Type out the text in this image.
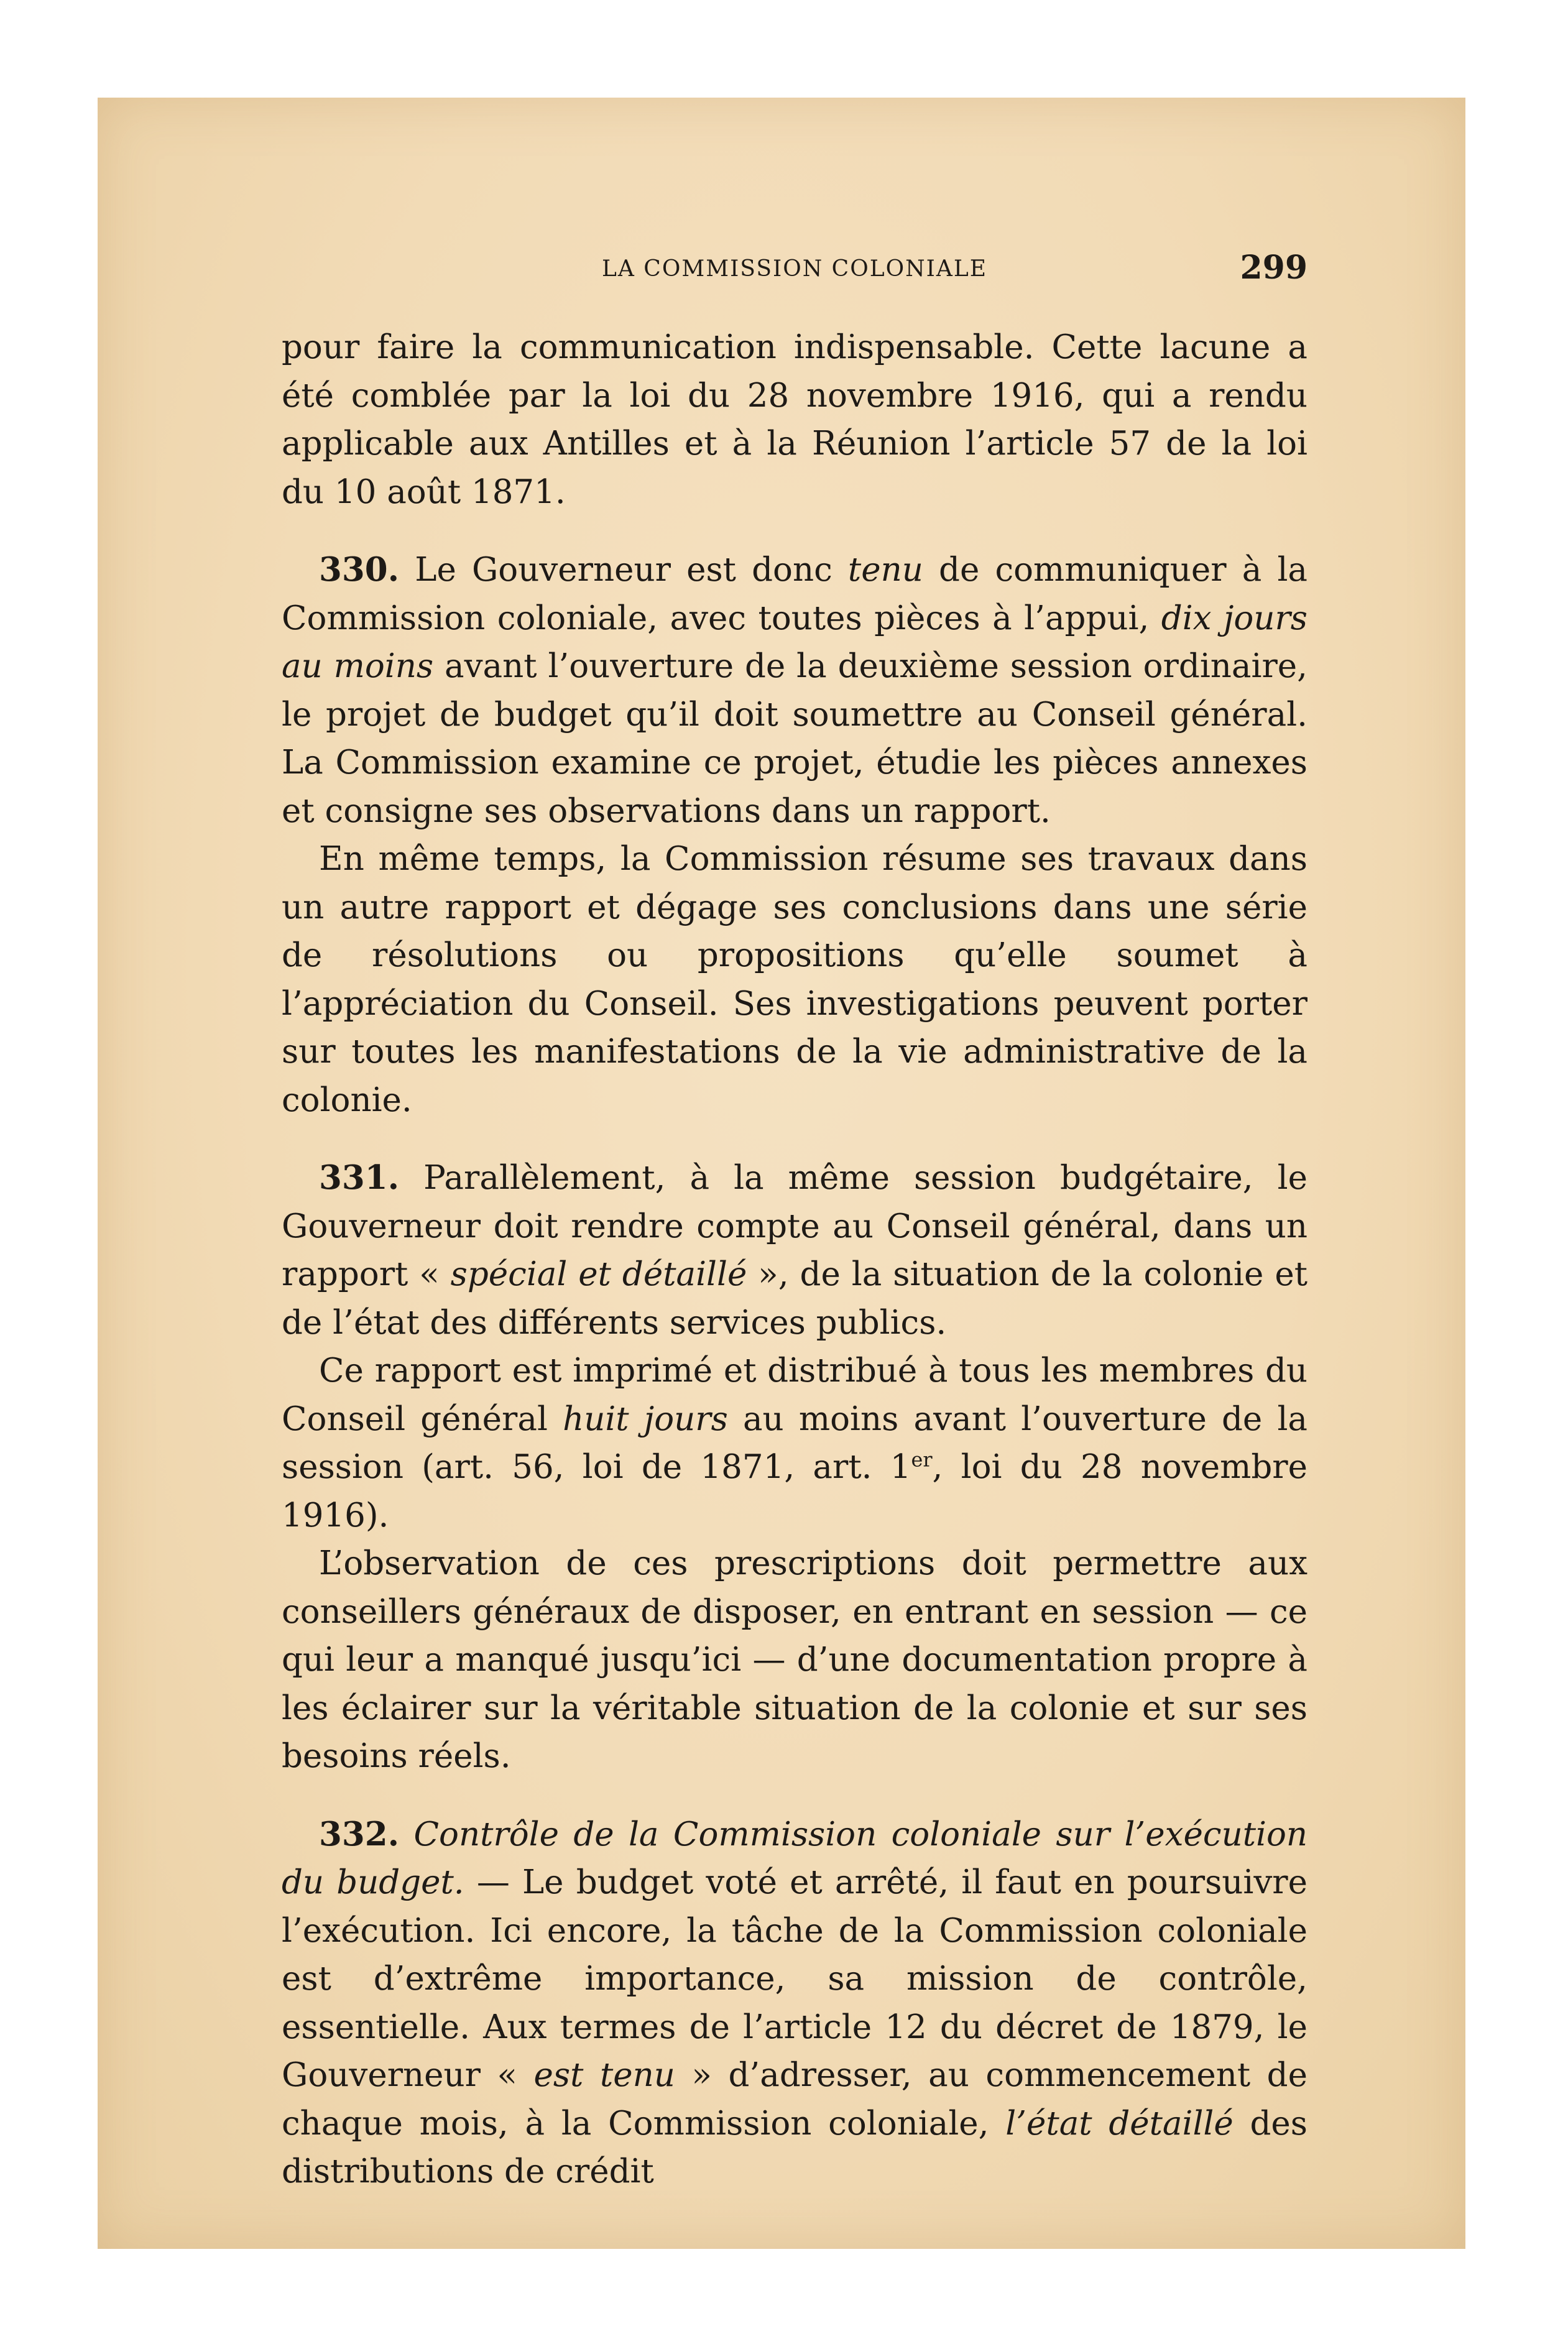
LA COMMISSION COLONIALE	299

pour faire la communication indispensable. Cette lacune a été comblée par la loi du 28 novembre 1916, qui a rendu applicable aux Antilles et à la Réunion l’article 57 de la loi du 10 août 1871.

330. Le Gouverneur est donc tenu de communiquer à la Commission coloniale, avec toutes pièces à l’appui, dix jours au moins avant l’ouverture de la deuxième session ordinaire, le projet de budget qu’il doit soumettre au Conseil général. La Commission examine ce projet, étudie les pièces annexes et consigne ses observations dans un rapport.

En même temps, la Commission résume ses travaux dans un autre rapport et dégage ses conclusions dans une série de résolutions ou propositions qu’elle soumet à l’appréciation du Conseil. Ses investigations peuvent porter sur toutes les manifestations de la vie administrative de la colonie.

331. Parallèlement, à la même session budgétaire, le Gouverneur doit rendre compte au Conseil général, dans un rapport « spécial et détaillé », de la situation de la colonie et de l’état des différents services publics.

Ce rapport est imprimé et distribué à tous les membres du Conseil général huit jours au moins avant l’ouverture de la session (art. 56, loi de 1871, art. 1er, loi du 28 novembre 1916).

L’observation de ces prescriptions doit permettre aux conseillers généraux de disposer, en entrant en session — ce qui leur a manqué jusqu’ici — d’une documentation propre à les éclairer sur la véritable situation de la colonie et sur ses besoins réels.

332. Contrôle de la Commission coloniale sur l’exécution du budget. — Le budget voté et arrêté, il faut en poursuivre l’exécution. Ici encore, la tâche de la Commission coloniale est d’extrême importance, sa mission de contrôle, essentielle. Aux termes de l’article 12 du décret de 1879, le Gouverneur « est tenu » d’adresser, au commencement de chaque mois, à la Commission coloniale, l’état détaillé des distributions de crédit
